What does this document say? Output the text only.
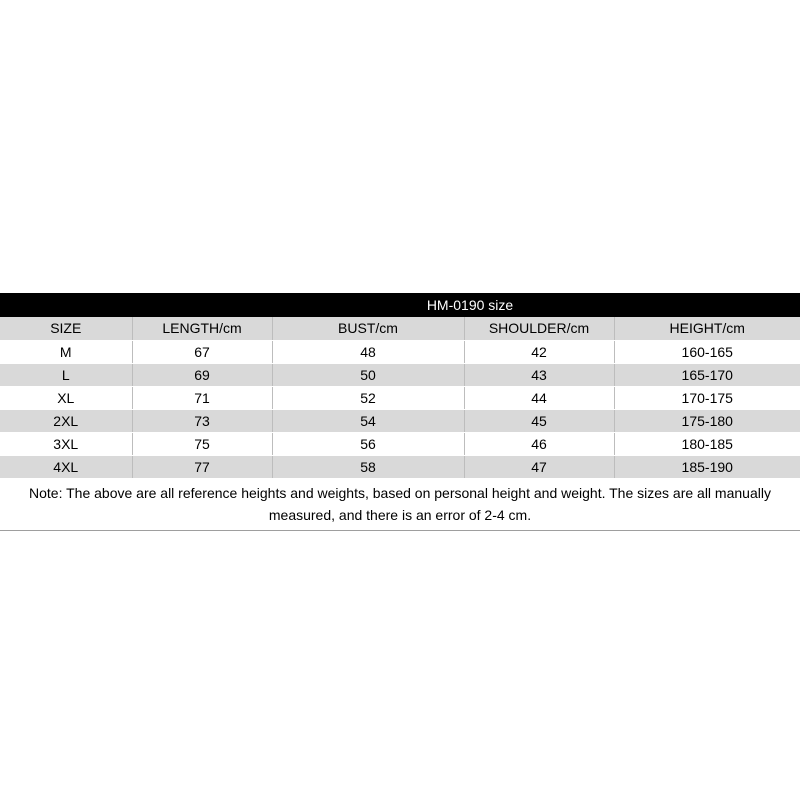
HM-0190 size
SIZE	LENGTH/cm	BUST/cm	SHOULDER/cm	HEIGHT/cm
M	67	48	42	160-165
L	69	50	43	165-170
XL	71	52	44	170-175
2XL	73	54	45	175-180
3XL	75	56	46	180-185
4XL	77	58	47	185-190
Note: The above are all reference heights and weights, based on personal height and weight. The sizes are all manually measured, and there is an error of 2-4 cm.
